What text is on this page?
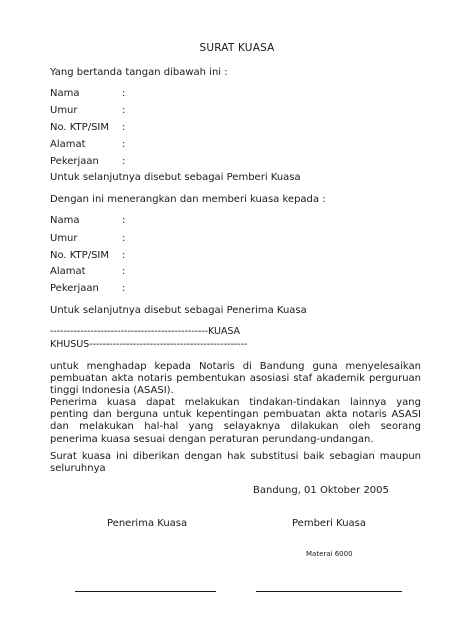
SURAT KUASA
Yang bertanda tangan dibawah ini :
Nama	:
Umur	:
No. KTP/SIM :
Alamat	:
Pekerjaan :
Untuk selanjutnya disebut sebagai Pemberi Kuasa
Dengan ini menerangkan dan memberi kuasa kepada :
Nama	:
Umur	:
No. KTP/SIM :
Alamat	:
Pekerjaan :
Untuk selanjutnya disebut sebagai Penerima Kuasa
-----------------------------------------------KUASA
KHUSUS-----------------------------------------------
untuk menghadap kepada Notaris di Bandung guna menyelesaikan pembuatan akta notaris pembentukan asosiasi staf akademik perguruan tinggi Indonesia (ASASI).
Penerima kuasa dapat melakukan tindakan-tindakan lainnya yang penting dan berguna untuk kepentingan pembuatan akta notaris ASASI dan melakukan hal-hal yang selayaknya dilakukan oleh seorang penerima kuasa sesuai dengan peraturan perundang-undangan.
Surat kuasa ini diberikan dengan hak substitusi baik sebagian maupun seluruhnya
Bandung, 01 Oktober 2005
Penerima Kuasa	Pemberi Kuasa
Materai 6000
